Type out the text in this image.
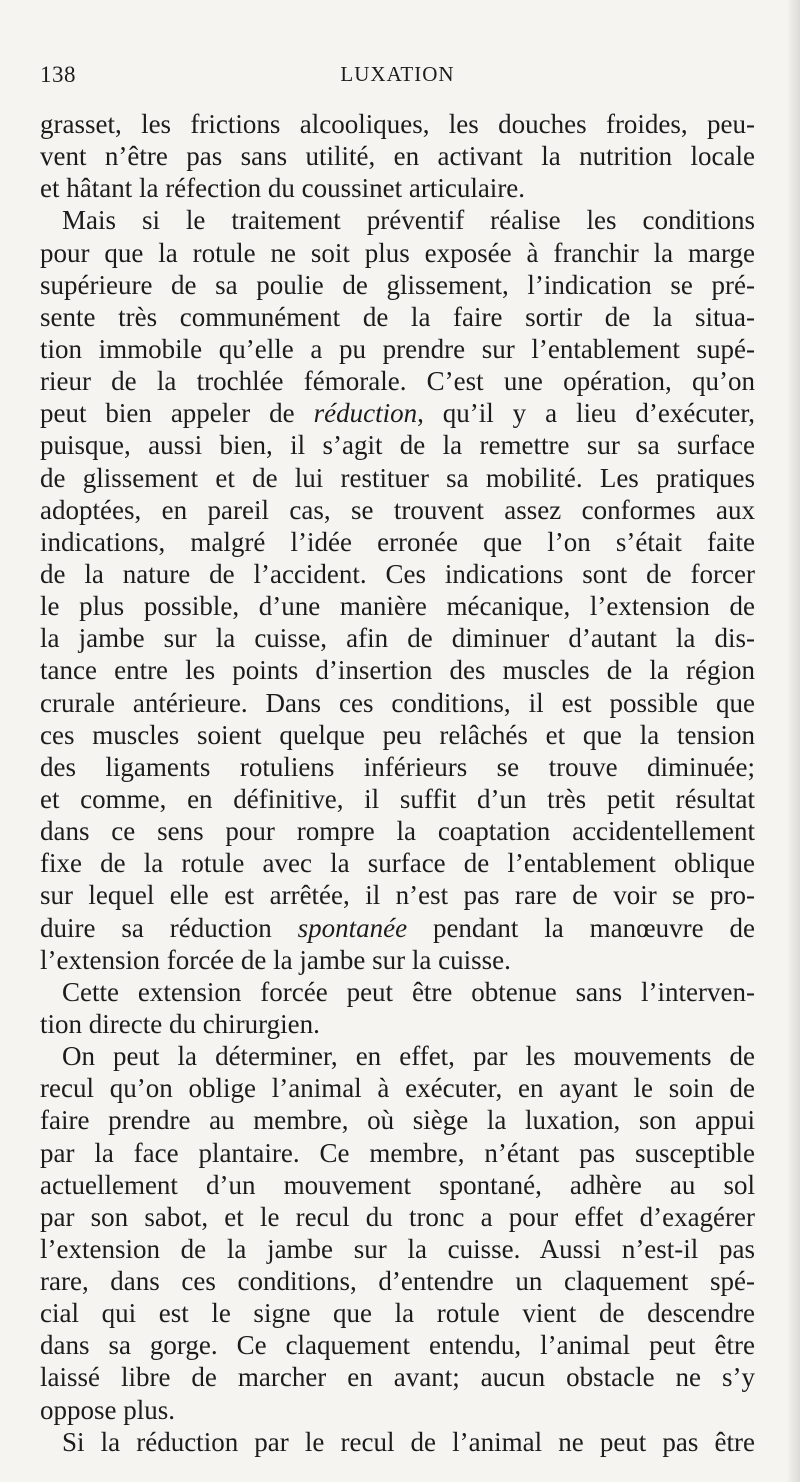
138	LUXATION
grasset, les frictions alcooliques, les douches froides, peu-
vent n’être pas sans utilité, en activant la nutrition locale
et hâtant la réfection du coussinet articulaire.
Mais si le traitement préventif réalise les conditions
pour que la rotule ne soit plus exposée à franchir la marge
supérieure de sa poulie de glissement, l’indication se pré-
sente très communément de la faire sortir de la situa-
tion immobile qu’elle a pu prendre sur l’entablement supé-
rieur de la trochlée fémorale. C’est une opération, qu’on
peut bien appeler de réduction, qu’il y a lieu d’exécuter,
puisque, aussi bien, il s’agit de la remettre sur sa surface
de glissement et de lui restituer sa mobilité. Les pratiques
adoptées, en pareil cas, se trouvent assez conformes aux
indications, malgré l’idée erronée que l’on s’était faite
de la nature de l’accident. Ces indications sont de forcer
le plus possible, d’une manière mécanique, l’extension de
la jambe sur la cuisse, afin de diminuer d’autant la dis-
tance entre les points d’insertion des muscles de la région
crurale antérieure. Dans ces conditions, il est possible que
ces muscles soient quelque peu relâchés et que la tension
des ligaments rotuliens inférieurs se trouve diminuée;
et comme, en définitive, il suffit d’un très petit résultat
dans ce sens pour rompre la coaptation accidentellement
fixe de la rotule avec la surface de l’entablement oblique
sur lequel elle est arrêtée, il n’est pas rare de voir se pro-
duire sa réduction spontanée pendant la manœuvre de
l’extension forcée de la jambe sur la cuisse.
Cette extension forcée peut être obtenue sans l’interven-
tion directe du chirurgien.
On peut la déterminer, en effet, par les mouvements de
recul qu’on oblige l’animal à exécuter, en ayant le soin de
faire prendre au membre, où siège la luxation, son appui
par la face plantaire. Ce membre, n’étant pas susceptible
actuellement d’un mouvement spontané, adhère au sol
par son sabot, et le recul du tronc a pour effet d’exagérer
l’extension de la jambe sur la cuisse. Aussi n’est-il pas
rare, dans ces conditions, d’entendre un claquement spé-
cial qui est le signe que la rotule vient de descendre
dans sa gorge. Ce claquement entendu, l’animal peut être
laissé libre de marcher en avant; aucun obstacle ne s’y
oppose plus.
Si la réduction par le recul de l’animal ne peut pas être
